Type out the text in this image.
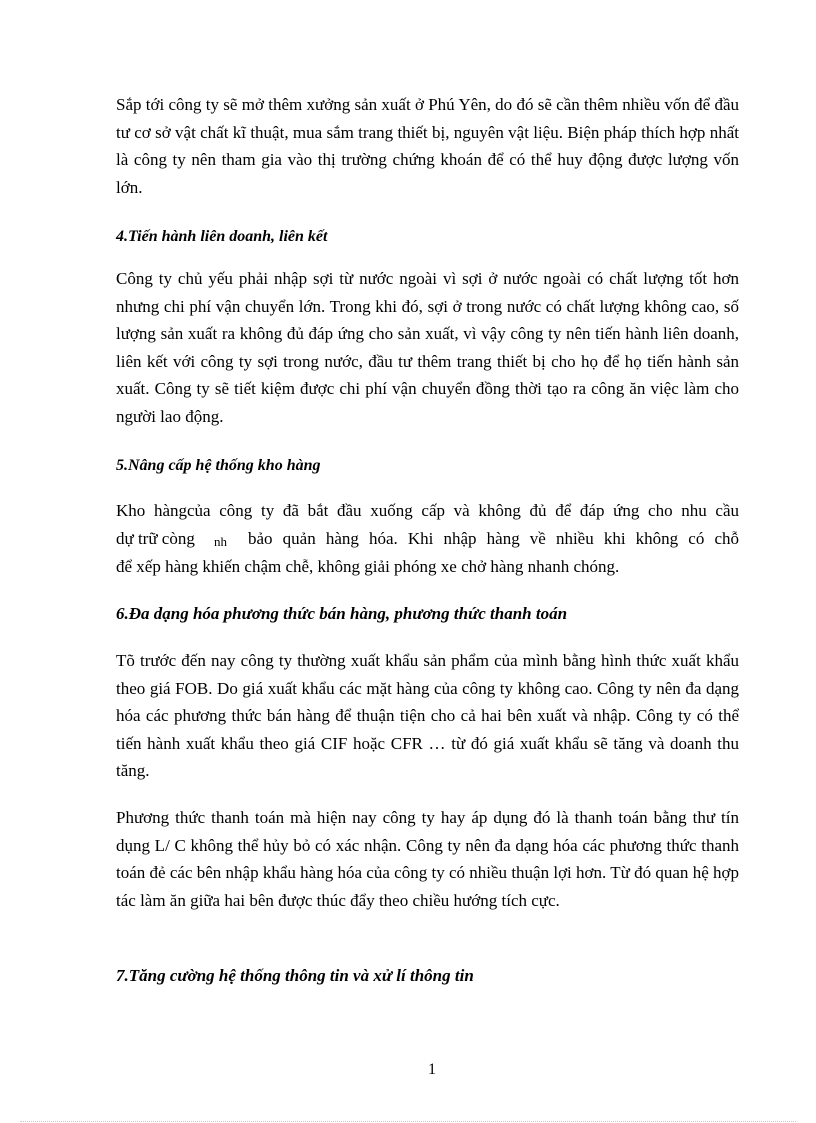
Sắp tới công ty sẽ mở thêm xưởng sản xuất ở Phú Yên, do đó sẽ cần thêm nhiều vốn để đầu tư cơ sở vật chất kĩ thuật, mua sắm trang thiết bị, nguyên vật liệu. Biện pháp thích hợp nhất là công ty nên tham gia vào thị trường chứng khoán để có thể huy động được lượng vốn lớn.

4.Tiến hành liên doanh, liên kết

Công ty chủ yếu phải nhập sợi từ nước ngoài vì sợi ở nước ngoài có chất lượng tốt hơn nhưng chi phí vận chuyển lớn. Trong khi đó, sợi ở trong nước có chất lượng không cao, số lượng sản xuất ra không đủ đáp ứng cho sản xuất, vì vậy công ty nên tiến hành liên doanh, liên kết với công ty sợi trong nước, đầu tư thêm trang thiết bị cho họ để họ tiến hành sản xuất. Công ty sẽ tiết kiệm được chi phí vận chuyển đồng thời tạo ra công ăn việc làm cho người lao động.

5.Nâng cấp hệ thống kho hàng

Kho hàngcủa công ty đã bắt đầu xuống cấp và không đủ để đáp ứng cho nhu cầu

dự trữ còng	nh bảo quản hàng hóa. Khi nhập hàng về nhiều khi không có chỗ

để xếp hàng khiến chậm chễ, không giải phóng xe chở hàng nhanh chóng.

6.Đa dạng hóa phương thức bán hàng, phương thức thanh toán

Tõ trước đến nay công ty thường xuất khẩu sản phẩm của mình bằng hình thức xuất khẩu theo giá FOB. Do giá xuất khẩu các mặt hàng của công ty không cao. Công ty nên đa dạng hóa các phương thức bán hàng để thuận tiện cho cả hai bên xuất và nhập. Công ty có thể tiến hành xuất khẩu theo giá CIF hoặc CFR … từ đó giá xuất khẩu sẽ tăng và doanh thu tăng.

Phương thức thanh toán mà hiện nay công ty hay áp dụng đó là thanh toán bằng thư tín dụng L/ C không thể hủy bỏ có xác nhận. Công ty nên đa dạng hóa các phương thức thanh toán đẻ các bên nhập khẩu hàng hóa của công ty có nhiều thuận lợi hơn. Từ đó quan hệ hợp tác làm ăn giữa hai bên được thúc đẩy theo chiều hướng tích cực.

7.Tăng cường hệ thống thông tin và xử lí thông tin

1
